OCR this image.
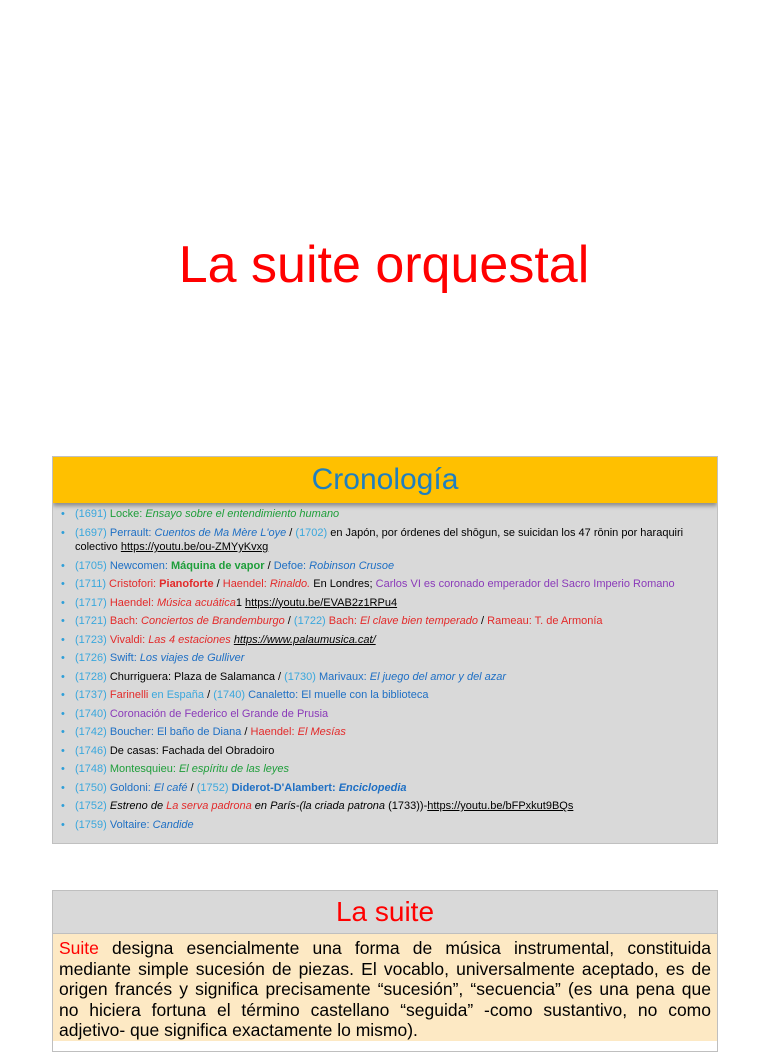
La suite orquestal
Cronología
• (1691) Locke: Ensayo sobre el entendimiento humano
• (1697) Perrault: Cuentos de Ma Mère L'oye / (1702) en Japón, por órdenes del shōgun, se suicidan los 47 rōnin por haraquiri colectivo https://youtu.be/ou-ZMYyKvxg
• (1705) Newcomen: Máquina de vapor / Defoe: Robinson Crusoe
• (1711) Cristofori: Pianoforte / Haendel: Rinaldo. En Londres; Carlos VI es coronado emperador del Sacro Imperio Romano
• (1717) Haendel: Música acuática1 https://youtu.be/EVAB2z1RPu4
• (1721) Bach: Conciertos de Brandemburgo / (1722) Bach: El clave bien temperado / Rameau: T. de Armonía
• (1723) Vivaldi: Las 4 estaciones https://www.palaumusica.cat/
• (1726) Swift: Los viajes de Gulliver
• (1728) Churriguera: Plaza de Salamanca / (1730) Marivaux: El juego del amor y del azar
• (1737) Farinelli en España / (1740) Canaletto: El muelle con la biblioteca
• (1740) Coronación de Federico el Grande de Prusia
• (1742) Boucher: El baño de Diana / Haendel: El Mesías
• (1746) De casas: Fachada del Obradoiro
• (1748) Montesquieu: El espíritu de las leyes
• (1750) Goldoni: El café / (1752) Diderot-D'Alambert: Enciclopedia
• (1752) Estreno de La serva padrona en París-(la criada patrona (1733))-https://youtu.be/bFPxkut9BQs
• (1759) Voltaire: Candide
La suite
Suite designa esencialmente una forma de música instrumental, constituida mediante simple sucesión de piezas. El vocablo, universalmente aceptado, es de origen francés y significa precisamente “sucesión”, “secuencia” (es una pena que no hiciera fortuna el término castellano “seguida” -como sustantivo, no como adjetivo- que significa exactamente lo mismo).
